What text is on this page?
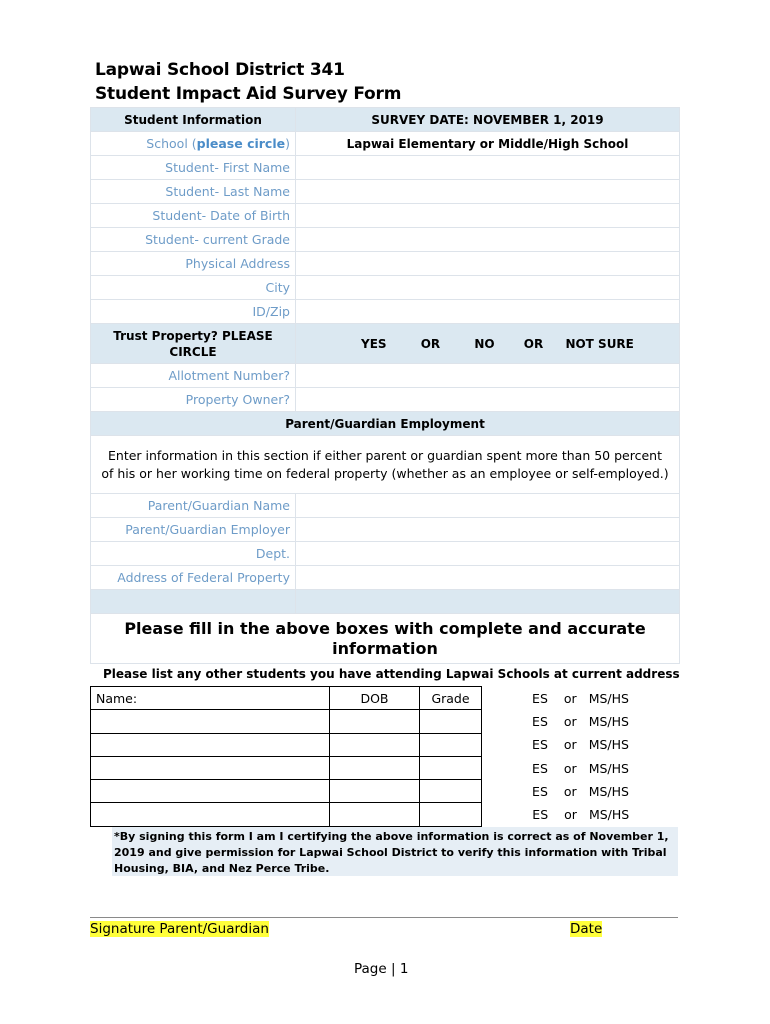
Lapwai School District 341
Student Impact Aid Survey Form
Student Information	SURVEY DATE: NOVEMBER 1, 2019
School (please circle)	Lapwai Elementary or Middle/High School
Student- First Name	
Student- Last Name	
Student- Date of Birth	
Student- current Grade	
Physical Address	
City	
ID/Zip	
Trust Property? PLEASE CIRCLE	YES OR NO OR NOT SURE
Allotment Number?	
Property Owner?	
Parent/Guardian Employment	
Enter information in this section if either parent or guardian spent more than 50 percent of his or her working time on federal property (whether as an employee or self-employed.)	
Parent/Guardian Name	
Parent/Guardian Employer	
Dept.	
Address of Federal Property	

Please fill in the above boxes with complete and accurate information	
Please list any other students you have attending Lapwai Schools at current address
Name:	DOB	Grade	ES or MS/HS
			ES or MS/HS
			ES or MS/HS
			ES or MS/HS
			ES or MS/HS
			ES or MS/HS
*By signing this form I am I certifying the above information is correct as of November 1, 2019 and give permission for Lapwai School District to verify this information with Tribal Housing, BIA, and Nez Perce Tribe.
Signature Parent/Guardian	Date
Page | 1
